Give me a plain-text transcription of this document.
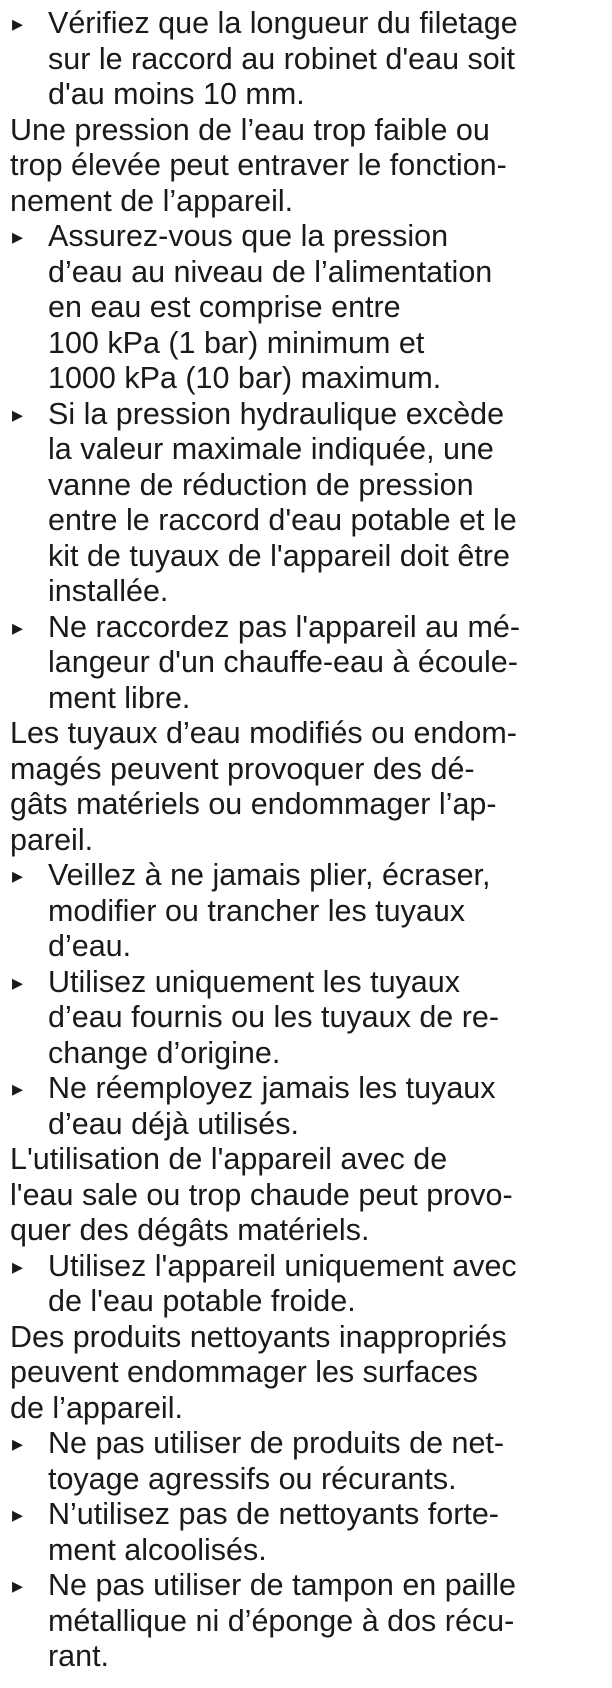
▸ Vérifiez que la longueur du filetage
sur le raccord au robinet d'eau soit
d'au moins 10 mm.
Une pression de l’eau trop faible ou
trop élevée peut entraver le fonction-
nement de l’appareil.
▸ Assurez-vous que la pression
d’eau au niveau de l’alimentation
en eau est comprise entre
100 kPa (1 bar) minimum et
1000 kPa (10 bar) maximum.
▸ Si la pression hydraulique excède
la valeur maximale indiquée, une
vanne de réduction de pression
entre le raccord d'eau potable et le
kit de tuyaux de l'appareil doit être
installée.
▸ Ne raccordez pas l'appareil au mé-
langeur d'un chauffe-eau à écoule-
ment libre.
Les tuyaux d’eau modifiés ou endom-
magés peuvent provoquer des dé-
gâts matériels ou endommager l’ap-
pareil.
▸ Veillez à ne jamais plier, écraser,
modifier ou trancher les tuyaux
d’eau.
▸ Utilisez uniquement les tuyaux
d’eau fournis ou les tuyaux de re-
change d’origine.
▸ Ne réemployez jamais les tuyaux
d’eau déjà utilisés.
L'utilisation de l'appareil avec de
l'eau sale ou trop chaude peut provo-
quer des dégâts matériels.
▸ Utilisez l'appareil uniquement avec
de l'eau potable froide.
Des produits nettoyants inappropriés
peuvent endommager les surfaces
de l’appareil.
▸ Ne pas utiliser de produits de net-
toyage agressifs ou récurants.
▸ N’utilisez pas de nettoyants forte-
ment alcoolisés.
▸ Ne pas utiliser de tampon en paille
métallique ni d’éponge à dos récu-
rant.
